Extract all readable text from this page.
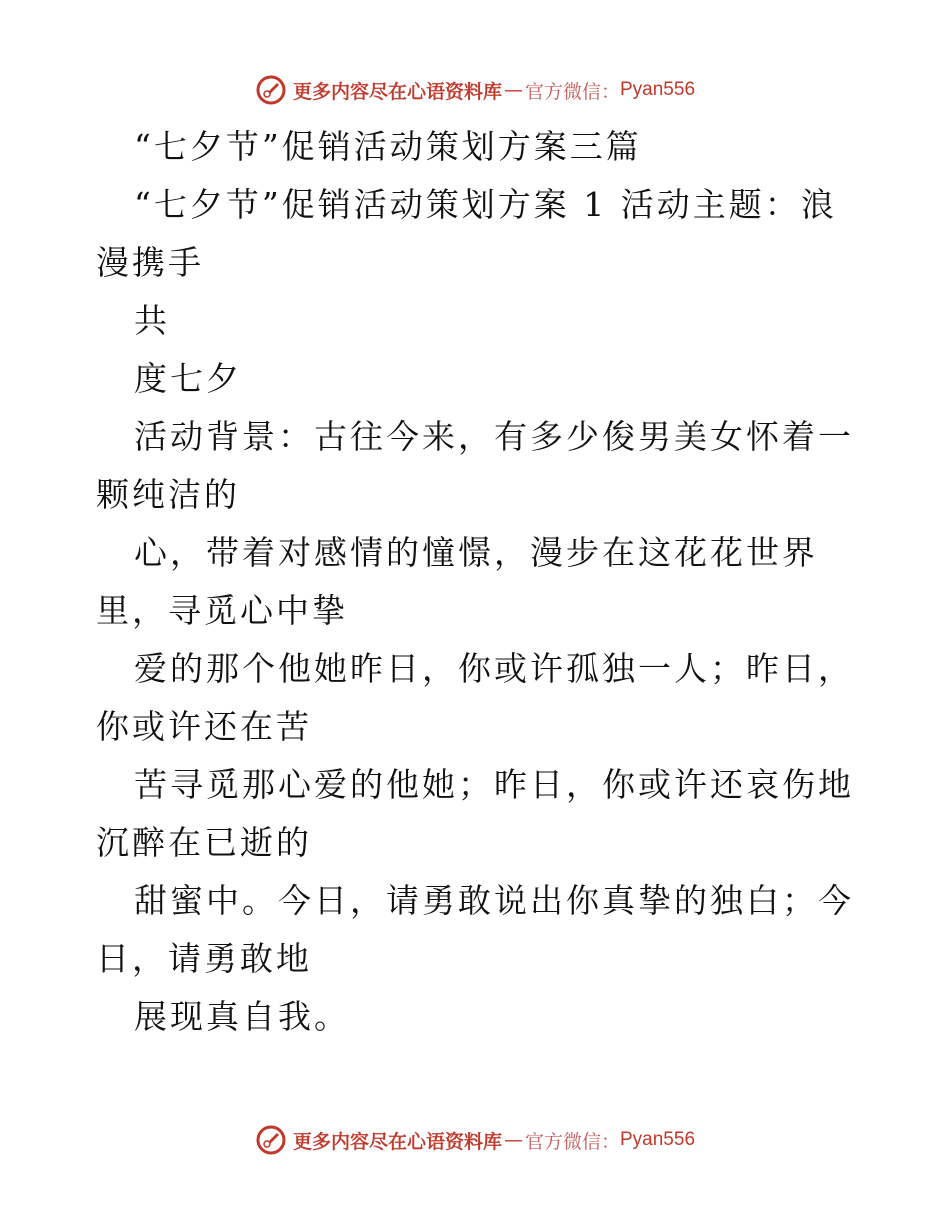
更多内容尽在心语资料库 — 官方微信： Pyan556

“七夕节”促销活动策划方案三篇

“七夕节”促销活动策划方案 1 活动主题：浪漫携手

共

度七夕

活动背景：古往今来，有多少俊男美女怀着一颗纯洁的

心，带着对感情的憧憬，漫步在这花花世界里，寻觅心中挚

爱的那个他她昨日，你或许孤独一人；昨日，你或许还在苦

苦寻觅那心爱的他她；昨日，你或许还哀伤地沉醉在已逝的

甜蜜中。今日，请勇敢说出你真挚的独白；今日，请勇敢地

展现真自我。

更多内容尽在心语资料库 — 官方微信： Pyan556
